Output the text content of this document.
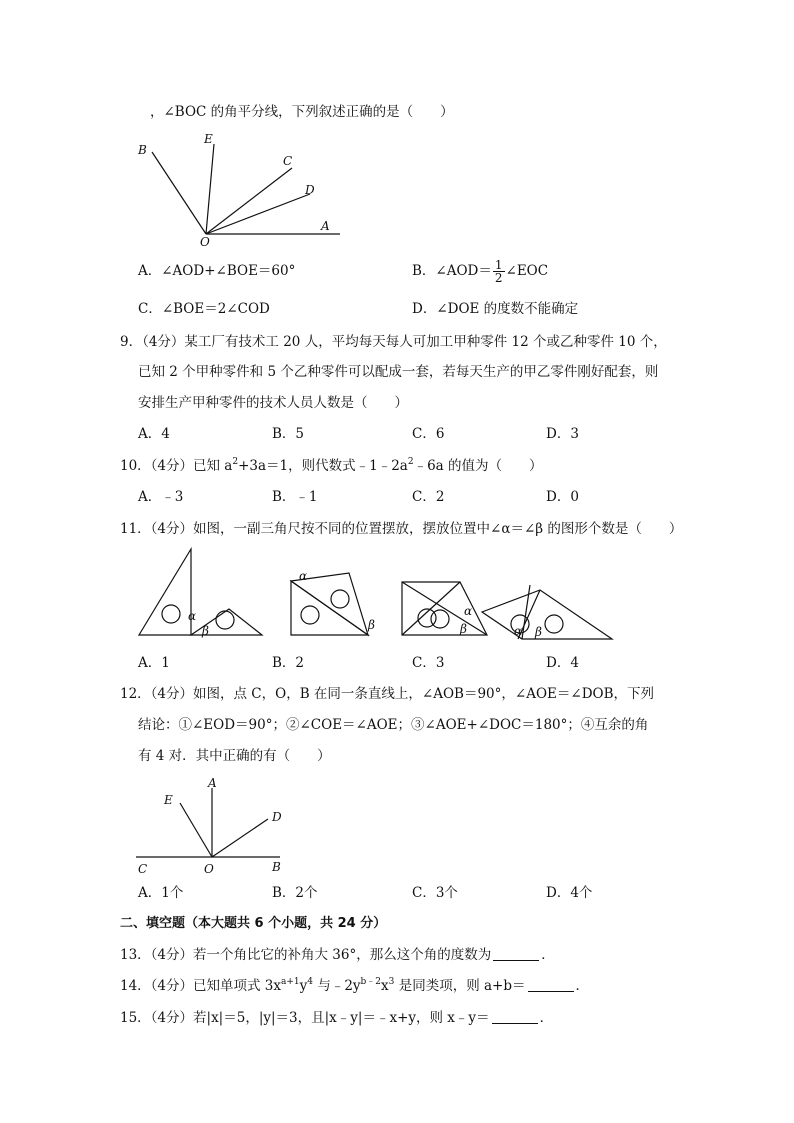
，∠BOC 的角平分线，下列叙述正确的是（　　）
B
E
C
D
O
A
A．∠AOD+∠BOE＝60°	B．∠AOD＝ $\frac{1}{2}$ ∠EOC
C．∠BOE＝2∠COD	D．∠DOE 的度数不能确定
9．（4分）某工厂有技术工 20 人，平均每天每人可加工甲种零件 12 个或乙种零件 10 个，
已知 2 个甲种零件和 5 个乙种零件可以配成一套，若每天生产的甲乙零件刚好配套，则
安排生产甲种零件的技术人员人数是（　　）
A．4	B．5	C．6	D．3
10．（4分）已知 $a^2+3a=1$，则代数式$﹣1﹣2a^2﹣6a$ 的值为（　　）
A．﹣3	B．﹣1	C．2	D．0
11．（4分）如图，一副三角尺按不同的位置摆放，摆放位置中∠α＝∠β 的图形个数是（　　）
α
β
α
β
α
β	α β
A．1	B．2	C．3	D．4
12．（4分）如图，点 C，O，B 在同一条直线上，∠AOB＝90°，∠AOE＝∠DOB，下列
结论：①∠EOD＝90°；②∠COE＝∠AOE；③∠AOE+∠DOC＝180°；④互余的角
有 4 对．其中正确的有（　　）
A
E
D
C	O	B
A．1个	B．2个	C．3个	D．4个
二、填空题（本大题共 6 个小题，共 24 分）
13．（4分）若一个角比它的补角大 36°，那么这个角的度数为	．
14．（4分）已知单项式 $3x^{a+1}y^4$ 与$﹣2y^{b﹣2}x^3$ 是同类项，则 a+b＝	．
15．（4分）若|x|＝5，|y|＝3，且|x﹣y|＝﹣x+y，则 x﹣y＝	．
